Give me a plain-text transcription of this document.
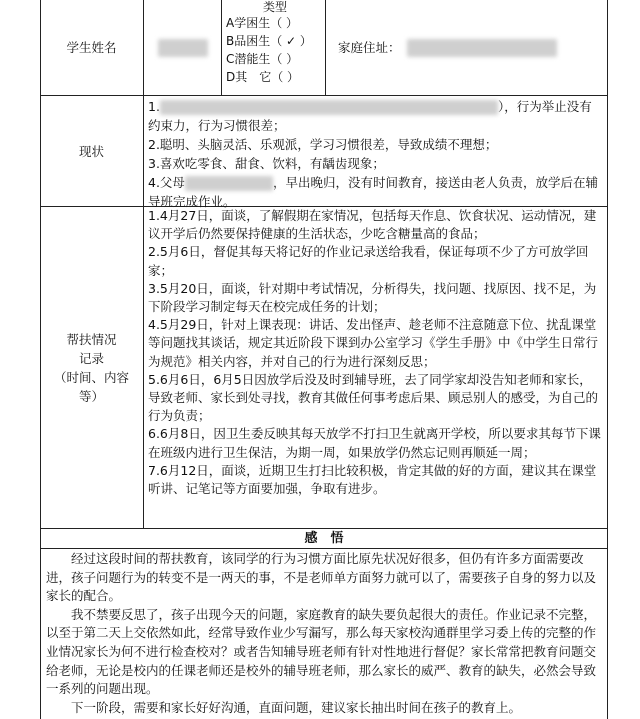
学生姓名
类型
A学困生（ ）
B品困生（ ✓ ）
C潜能生（ ）
D其　它（ ）
家庭住址：
现状
1.	），行为举止没有约束力，行为习惯很差；
2.聪明、头脑灵活、乐观派，学习习惯很差，导致成绩不理想；
3.喜欢吃零食、甜食、饮料，有龋齿现象；
4.父母	，早出晚归，没有时间教育，接送由老人负责，放学后在辅导班完成作业。
帮扶情况
记录
（时间、内容
等）
1.4月27日，面谈，了解假期在家情况，包括每天作息、饮食状况、运动情况，建议开学后仍然要保持健康的生活状态，少吃含糖量高的食品；
2.5月6日，督促其每天将记好的作业记录送给我看，保证每项不少了方可放学回家；
3.5月20日，面谈，针对期中考试情况，分析得失，找问题、找原因、找不足，为下阶段学习制定每天在校完成任务的计划；
4.5月29日，针对上课表现：讲话、发出怪声、趁老师不注意随意下位、扰乱课堂等问题找其谈话，规定其近阶段下课到办公室学习《学生手册》中《中学生日常行为规范》相关内容，并对自己的行为进行深刻反思；
5.6月6日，6月5日因放学后没及时到辅导班，去了同学家却没告知老师和家长，导致老师、家长到处寻找，教育其做任何事考虑后果、顾忌别人的感受，为自己的行为负责；
6.6月8日，因卫生委反映其每天放学不打扫卫生就离开学校，所以要求其每节下课在班级内进行卫生保洁，为期一周，如果放学仍然忘记则再顺延一周；
7.6月12日，面谈，近期卫生打扫比较积极，肯定其做的好的方面，建议其在课堂听讲、记笔记等方面要加强，争取有进步。
感　悟

经过这段时间的帮扶教育，该同学的行为习惯方面比原先状况好很多，但仍有许多方面需要改进，孩子问题行为的转变不是一两天的事，不是老师单方面努力就可以了，需要孩子自身的努力以及家长的配合。

我不禁要反思了，孩子出现今天的问题，家庭教育的缺失要负起很大的责任。作业记录不完整，以至于第二天上交依然如此，经常导致作业少写漏写，那么每天家校沟通群里学习委上传的完整的作业情况家长为何不进行检查校对？或者告知辅导班老师有针对性地进行督促？家长常常把教育问题交给老师，无论是校内的任课老师还是校外的辅导班老师，那么家长的威严、教育的缺失，必然会导致一系列的问题出现。

下一阶段，需要和家长好好沟通，直面问题，建议家长抽出时间在孩子的教育上。
